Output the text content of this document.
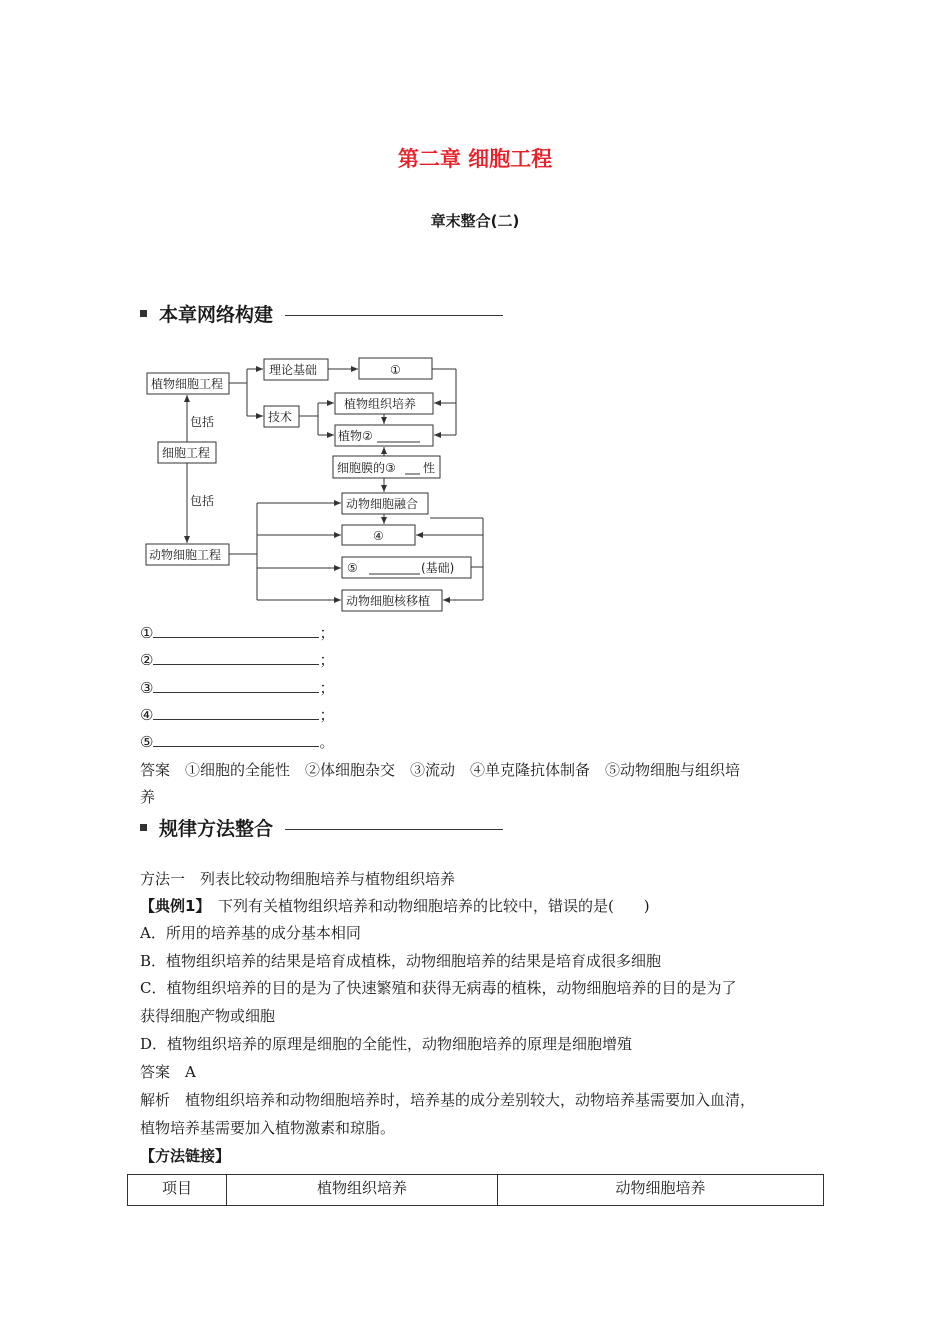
第二章 细胞工程
章末整合(二)
本章网络构建
植物细胞工程
理论基础	①
技术
植物组织培养
植物②
细胞膜的③ 性
包括
细胞工程
包括
动物细胞工程
动物细胞融合
④
⑤	(基础)
动物细胞核移植
①	；
②	；
③	；
④	；
⑤	。
答案　①细胞的全能性　②体细胞杂交　③流动　④单克隆抗体制备　⑤动物细胞与组织培
养
规律方法整合
方法一　列表比较动物细胞培养与植物组织培养
【典例1】　 下列有关植物组织培养和动物细胞培养的比较中，错误的是(　　)
A．所用的培养基的成分基本相同
B．植物组织培养的结果是培育成植株，动物细胞培养的结果是培育成很多细胞
C．植物组织培养的目的是为了快速繁殖和获得无病毒的植株，动物细胞培养的目的是为了
获得细胞产物或细胞
D．植物组织培养的原理是细胞的全能性，动物细胞培养的原理是细胞增殖
答案　A
解析　植物组织培养和动物细胞培养时，培养基的成分差别较大，动物培养基需要加入血清，
植物培养基需要加入植物激素和琼脂。
【方法链接】
项目	植物组织培养	动物细胞培养
